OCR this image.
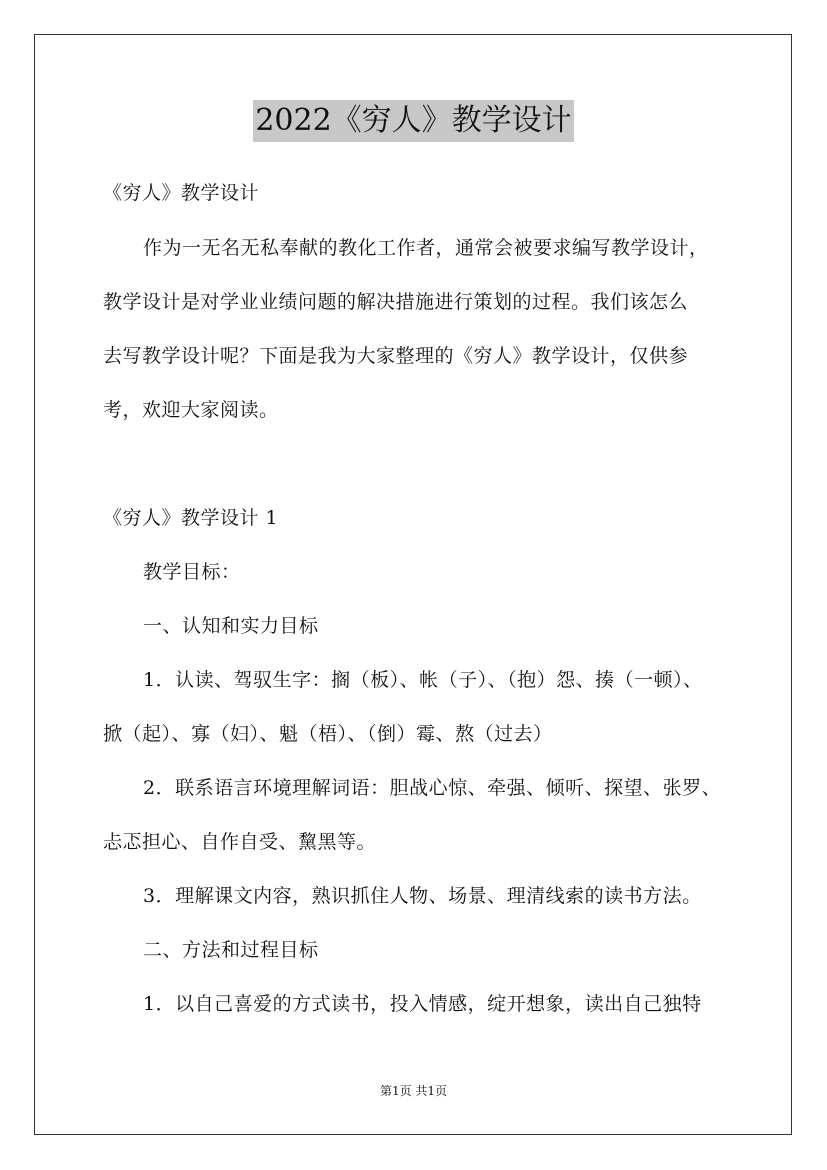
2022《穷人》教学设计
《穷人》教学设计
作为一无名无私奉献的教化工作者，通常会被要求编写教学设计，
教学设计是对学业业绩问题的解决措施进行策划的过程。我们该怎么
去写教学设计呢？下面是我为大家整理的《穷人》教学设计，仅供参
考，欢迎大家阅读。
《穷人》教学设计 1
教学目标：
一、认知和实力目标
1．认读、驾驭生字：搁（板）、帐（子）、（抱）怨、揍（一顿）、
掀（起）、寡（妇）、魁（梧）、（倒）霉、熬（过去）
2．联系语言环境理解词语：胆战心惊、牵强、倾听、探望、张罗、
忐忑担心、自作自受、黧黑等。
3．理解课文内容，熟识抓住人物、场景、理清线索的读书方法。
二、方法和过程目标
1．以自己喜爱的方式读书，投入情感，绽开想象，读出自己独特
第1页 共1页
